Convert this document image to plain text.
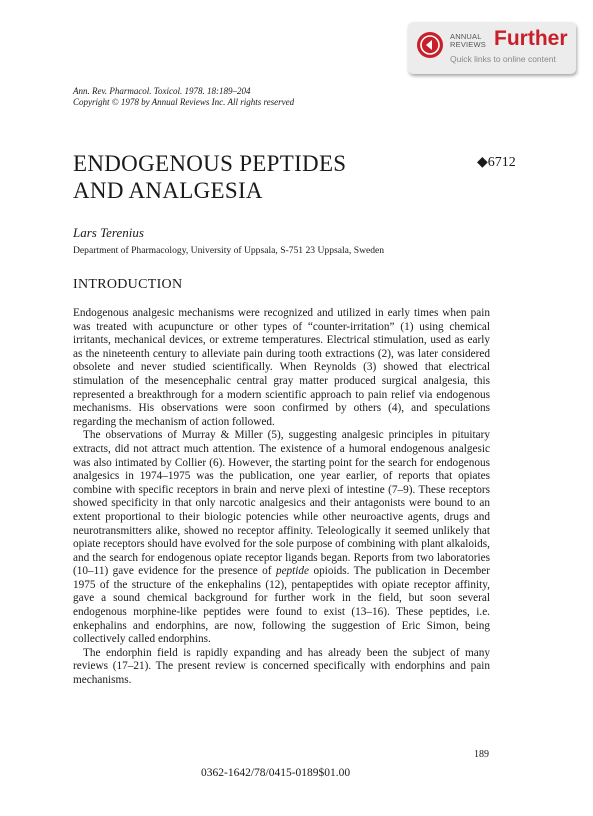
ANNUAL REVIEWS Further
Quick links to online content
Ann. Rev. Pharmacol. Toxicol. 1978. 18:189–204
Copyright © 1978 by Annual Reviews Inc. All rights reserved
ENDOGENOUS PEPTIDES
AND ANALGESIA
◆6712
Lars Terenius
Department of Pharmacology, University of Uppsala, S-751 23 Uppsala, Sweden
INTRODUCTION

Endogenous analgesic mechanisms were recognized and utilized in early times when pain was treated with acupuncture or other types of “counter-irritation” (1) using chemical irritants, mechanical devices, or extreme temperatures. Electrical stimulation, used as early as the nineteenth century to alleviate pain during tooth extractions (2), was later considered obsolete and never studied scientifically. When Reynolds (3) showed that electrical stimulation of the mesencephalic central gray matter produced surgical analgesia, this represented a breakthrough for a modern scientific approach to pain relief via endogenous mechanisms. His observations were soon confirmed by others (4), and speculations regarding the mechanism of action followed.

The observations of Murray & Miller (5), suggesting analgesic principles in pituitary extracts, did not attract much attention. The existence of a humoral endogenous analgesic was also intimated by Collier (6). However, the starting point for the search for endogenous analgesics in 1974–1975 was the publication, one year earlier, of reports that opiates combine with specific receptors in brain and nerve plexi of intestine (7–9). These receptors showed specificity in that only narcotic analgesics and their antagonists were bound to an extent proportional to their biologic potencies while other neuroactive agents, drugs and neurotransmitters alike, showed no receptor affinity. Teleologically it seemed unlikely that opiate receptors should have evolved for the sole purpose of combining with plant alkaloids, and the search for endogenous opiate receptor ligands began. Reports from two laboratories (10–11) gave evidence for the presence of peptide opioids. The publication in December 1975 of the structure of the enkephalins (12), pentapeptides with opiate receptor affinity, gave a sound chemical background for further work in the field, but soon several endogenous morphine-like peptides were found to exist (13–16). These peptides, i.e. enkephalins and endorphins, are now, following the suggestion of Eric Simon, being collectively called endorphins.

The endorphin field is rapidly expanding and has already been the subject of many reviews (17–21). The present review is concerned specifically with endorphins and pain mechanisms.

189
0362-1642/78/0415-0189$01.00
